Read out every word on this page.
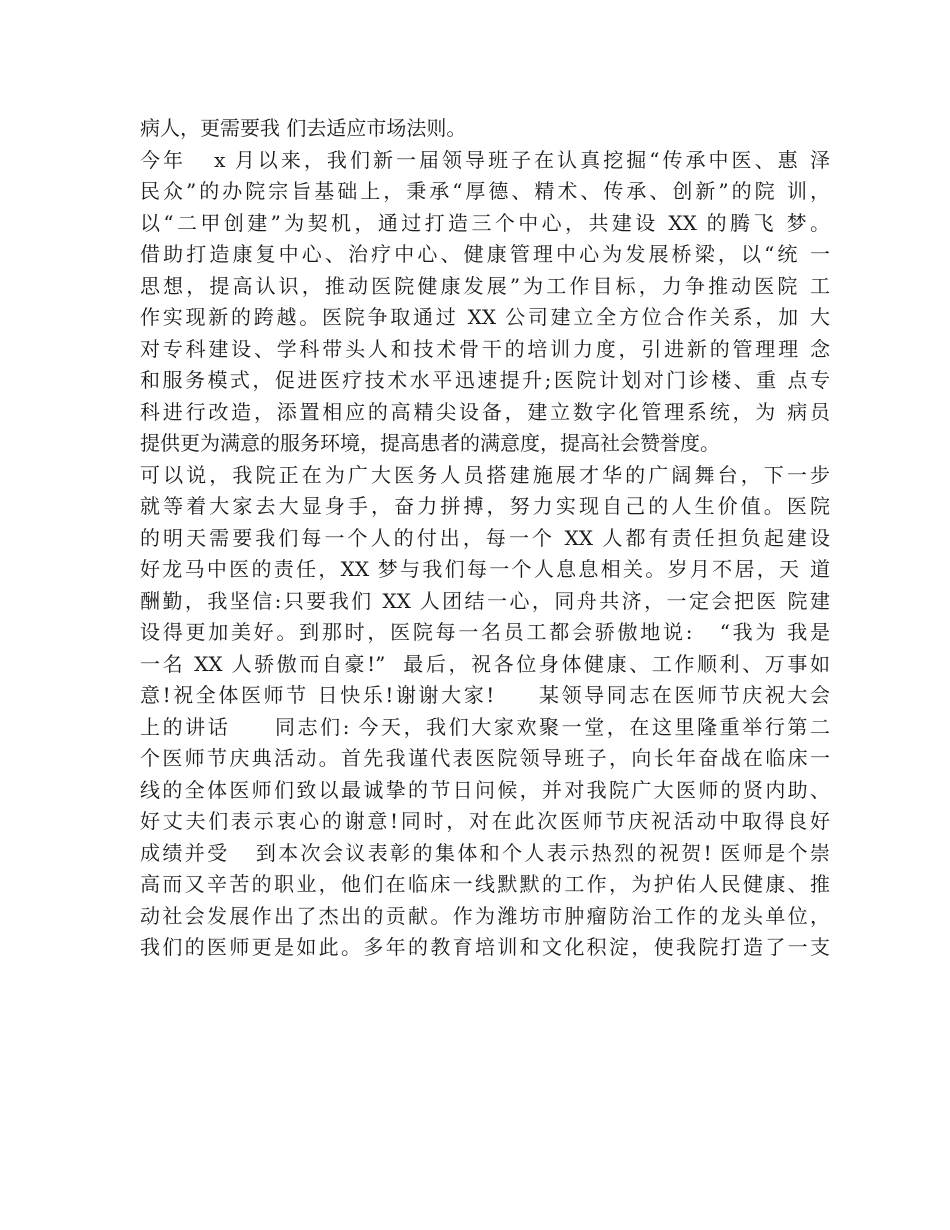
病人，更需要我 们去适应市场法则。
今年   x 月以来，我们新一届领导班子在认真挖掘“传承中医、惠 泽
民众”的办院宗旨基础上，秉承“厚德、精术、传承、创新”的院 训，
以“二甲创建”为契机，通过打造三个中心，共建设 XX 的腾飞 梦。
借助打造康复中心、治疗中心、健康管理中心为发展桥梁，以“统 一
思想，提高认识，推动医院健康发展”为工作目标，力争推动医院 工
作实现新的跨越。医院争取通过 XX 公司建立全方位合作关系，加 大
对专科建设、学科带头人和技术骨干的培训力度，引进新的管理理 念
和服务模式，促进医疗技术水平迅速提升;医院计划对门诊楼、重 点专
科进行改造，添置相应的高精尖设备，建立数字化管理系统，为 病员
提供更为满意的服务环境，提高患者的满意度，提高社会赞誉度。
可以说，我院正在为广大医务人员搭建施展才华的广阔舞台，下一步
就等着大家去大显身手，奋力拼搏，努力实现自己的人生价值。医院
的明天需要我们每一个人的付出，每一个 XX 人都有责任担负起建设
好龙马中医的责任，XX 梦与我们每一个人息息相关。岁月不居，天 道
酬勤，我坚信:只要我们 XX 人团结一心，同舟共济，一定会把医 院建
设得更加美好。到那时，医院每一名员工都会骄傲地说:   “我为 我是
一名 XX 人骄傲而自豪!”  最后，祝各位身体健康、工作顺利、万事如
意!祝全体医师节 日快乐!谢谢大家!     某领导同志在医师节庆祝大会
上的讲话     同志们: 今天，我们大家欢聚一堂，在这里隆重举行第二
个医师节庆典活动。首先我谨代表医院领导班子，向长年奋战在临床一
线的全体医师们致以最诚挚的节日问候，并对我院广大医师的贤内助、
好丈夫们表示衷心的谢意!同时，对在此次医师节庆祝活动中取得良好
成绩并受   到本次会议表彰的集体和个人表示热烈的祝贺! 医师是个崇
高而又辛苦的职业，他们在临床一线默默的工作，为护佑人民健康、推
动社会发展作出了杰出的贡献。作为潍坊市肿瘤防治工作的龙头单位，
我们的医师更是如此。多年的教育培训和文化积淀，使我院打造了一支
